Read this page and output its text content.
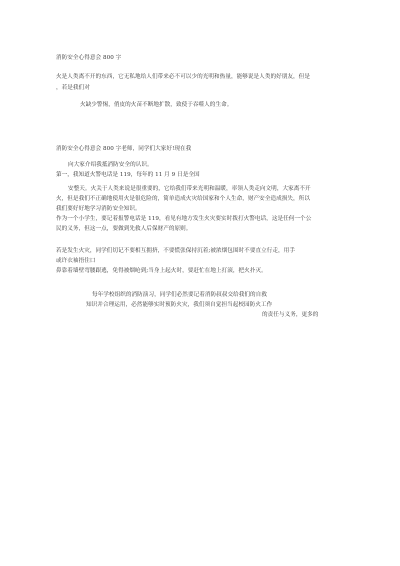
消防安全心得意会 800 字
火是人类离不开的东西，它无私地给人们带来必不可以少的光明和热量，能够说是人类的好朋友，但是
，若是我们对
火缺少警惕，俏皮的火苗不断地扩散，致使于吞噬人的生命。
消防安全心得意会 800 字老师，同学们大家好!现在我
向大家介绍我抵消防安全的认识。
第一，我知道火警电话是 119，每年的 11 月 9 日是全国
安整天。火关于人类来说是很重要的，它给我们带来光明和温暖，率领人类走向文明，大家离不开
火，但是我们不正确地使用火是很危险的，简单造成火灾给国家和个人生命，财产安全造成损失，所以
我们要好好地学习消防安全知识。
作为一个小学生，要记着报警电话是 119，看见有地方发生火灾要实时拨打火警电话，这是任何一个公
民的义务，但这一点，要做到先救人后保财产的原则。
若是发生火灾，同学们切记不要相互拥挤，不要慌张保持沉着;被浓烟包围时不要直立行走，用手
或许衣袖捂住口
鼻靠着墙壁弯腰跟逃，免得被烟呛到;当身上起火时，要赶忙在地上打滚，把火扑灭。
每年学校组织的消防演习，同学们必然要记着消防叔叔交给我们的自救
知识并合理运用，必然能够实时预防火灾，我们须自觉担当起校园防火工作
的责任与义务，更多的
